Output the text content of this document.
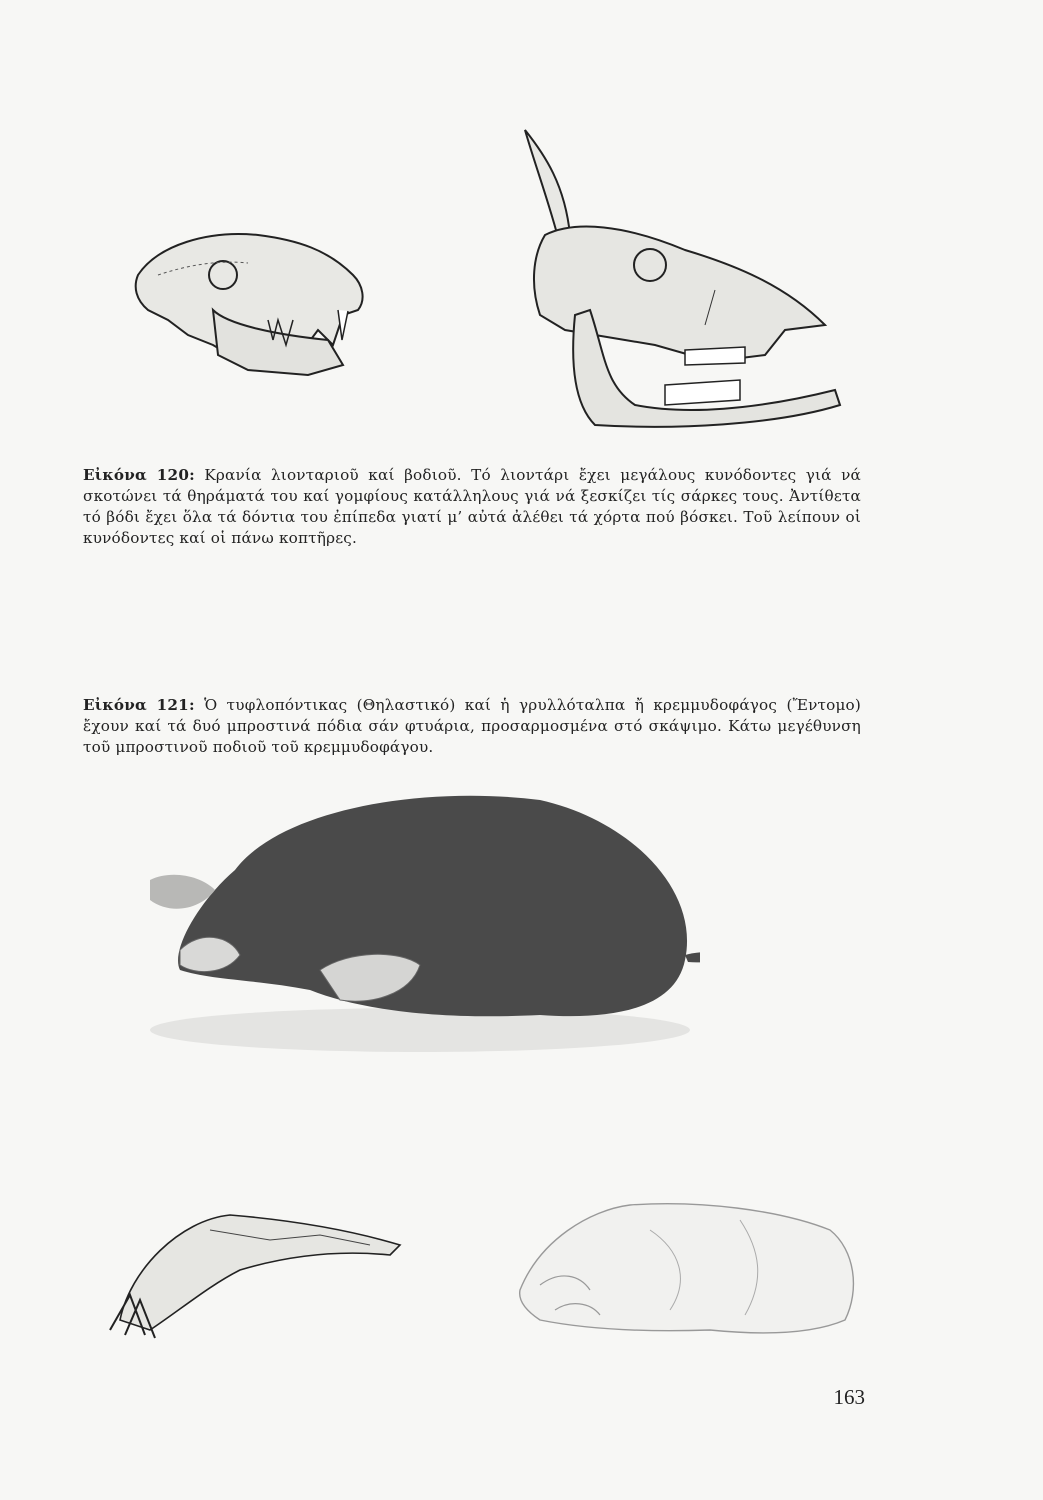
Εἰκόνα 120: Κρανία λιονταριοῦ καί βοδιοῦ. Τό λιοντάρι ἔχει μεγάλους κυνόδοντες γιά νά σκοτώνει τά θηράματά του καί γομφίους κατάλληλους γιά νά ξεσκίζει τίς σάρκες τους. Ἀντίθετα τό βόδι ἔχει ὅλα τά δόντια του ἐπίπεδα γιατί μ’ αὐτά ἀλέθει τά χόρτα πού βόσκει. Τοῦ λείπουν οἱ κυνόδοντες καί οἱ πάνω κοπτῆρες.
Εἰκόνα 121: Ὁ τυφλοπόντικας (Θηλαστικό) καί ἡ γρυλλόταλπα ἤ κρεμμυδοφάγος (Ἔντομο) ἔχουν καί τά δυό μπροστινά πόδια σάν φτυάρια, προσαρμοσμένα στό σκάψιμο. Κάτω μεγέθυνση τοῦ μπροστινοῦ ποδιοῦ τοῦ κρεμμυδοφάγου.
163
